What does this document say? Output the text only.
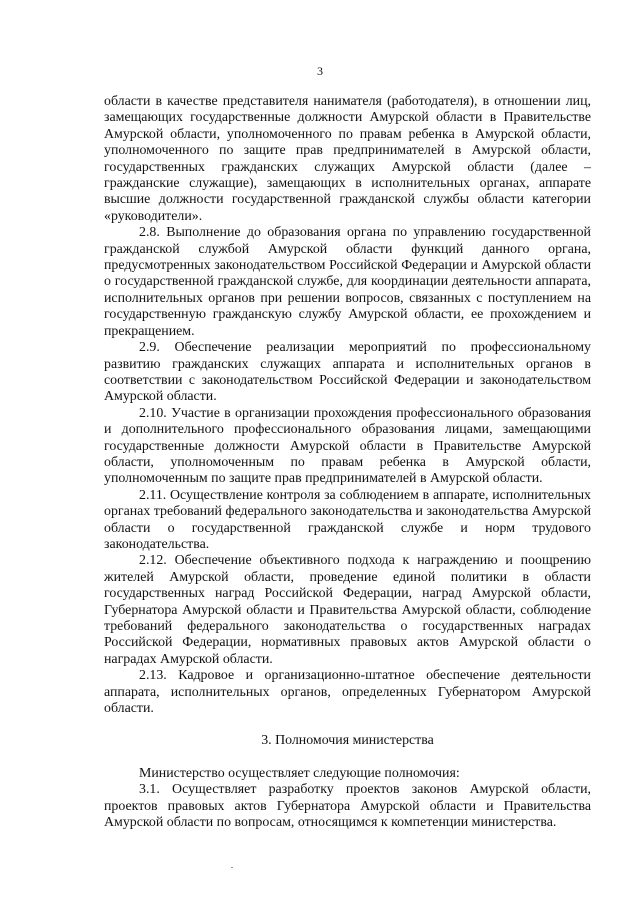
3

области в качестве представителя нанимателя (работодателя), в отношении лиц, замещающих государственные должности Амурской области в Правительстве Амурской области, уполномоченного по правам ребенка в Амурской области, уполномоченного по защите прав предпринимателей в Амурской области, государственных гражданских служащих Амурской области (далее – гражданские служащие), замещающих в исполнительных органах, аппарате высшие должности государственной гражданской службы области категории «руководители».

2.8. Выполнение до образования органа по управлению государственной гражданской службой Амурской области функций данного органа, предусмотренных законодательством Российской Федерации и Амурской области о государственной гражданской службе, для координации деятельности аппарата, исполнительных органов при решении вопросов, связанных с поступлением на государственную гражданскую службу Амурской области, ее прохождением и прекращением.

2.9. Обеспечение реализации мероприятий по профессиональному развитию гражданских служащих аппарата и исполнительных органов в соответствии с законодательством Российской Федерации и законодательством Амурской области.

2.10. Участие в организации прохождения профессионального образования и дополнительного профессионального образования лицами, замещающими государственные должности Амурской области в Правительстве Амурской области, уполномоченным по правам ребенка в Амурской области, уполномоченным по защите прав предпринимателей в Амурской области.

2.11. Осуществление контроля за соблюдением в аппарате, исполнительных органах требований федерального законодательства и законодательства Амурской области о государственной гражданской службе и норм трудового законодательства.

2.12. Обеспечение объективного подхода к награждению и поощрению жителей Амурской области, проведение единой политики в области государственных наград Российской Федерации, наград Амурской области, Губернатора Амурской области и Правительства Амурской области, соблюдение требований федерального законодательства о государственных наградах Российской Федерации, нормативных правовых актов Амурской области о наградах Амурской области.

2.13. Кадровое и организационно-штатное обеспечение деятельности аппарата, исполнительных органов, определенных Губернатором Амурской области.

3. Полномочия министерства

Министерство осуществляет следующие полномочия:

3.1. Осуществляет разработку проектов законов Амурской области, проектов правовых актов Губернатора Амурской области и Правительства Амурской области по вопросам, относящимся к компетенции министерства.
